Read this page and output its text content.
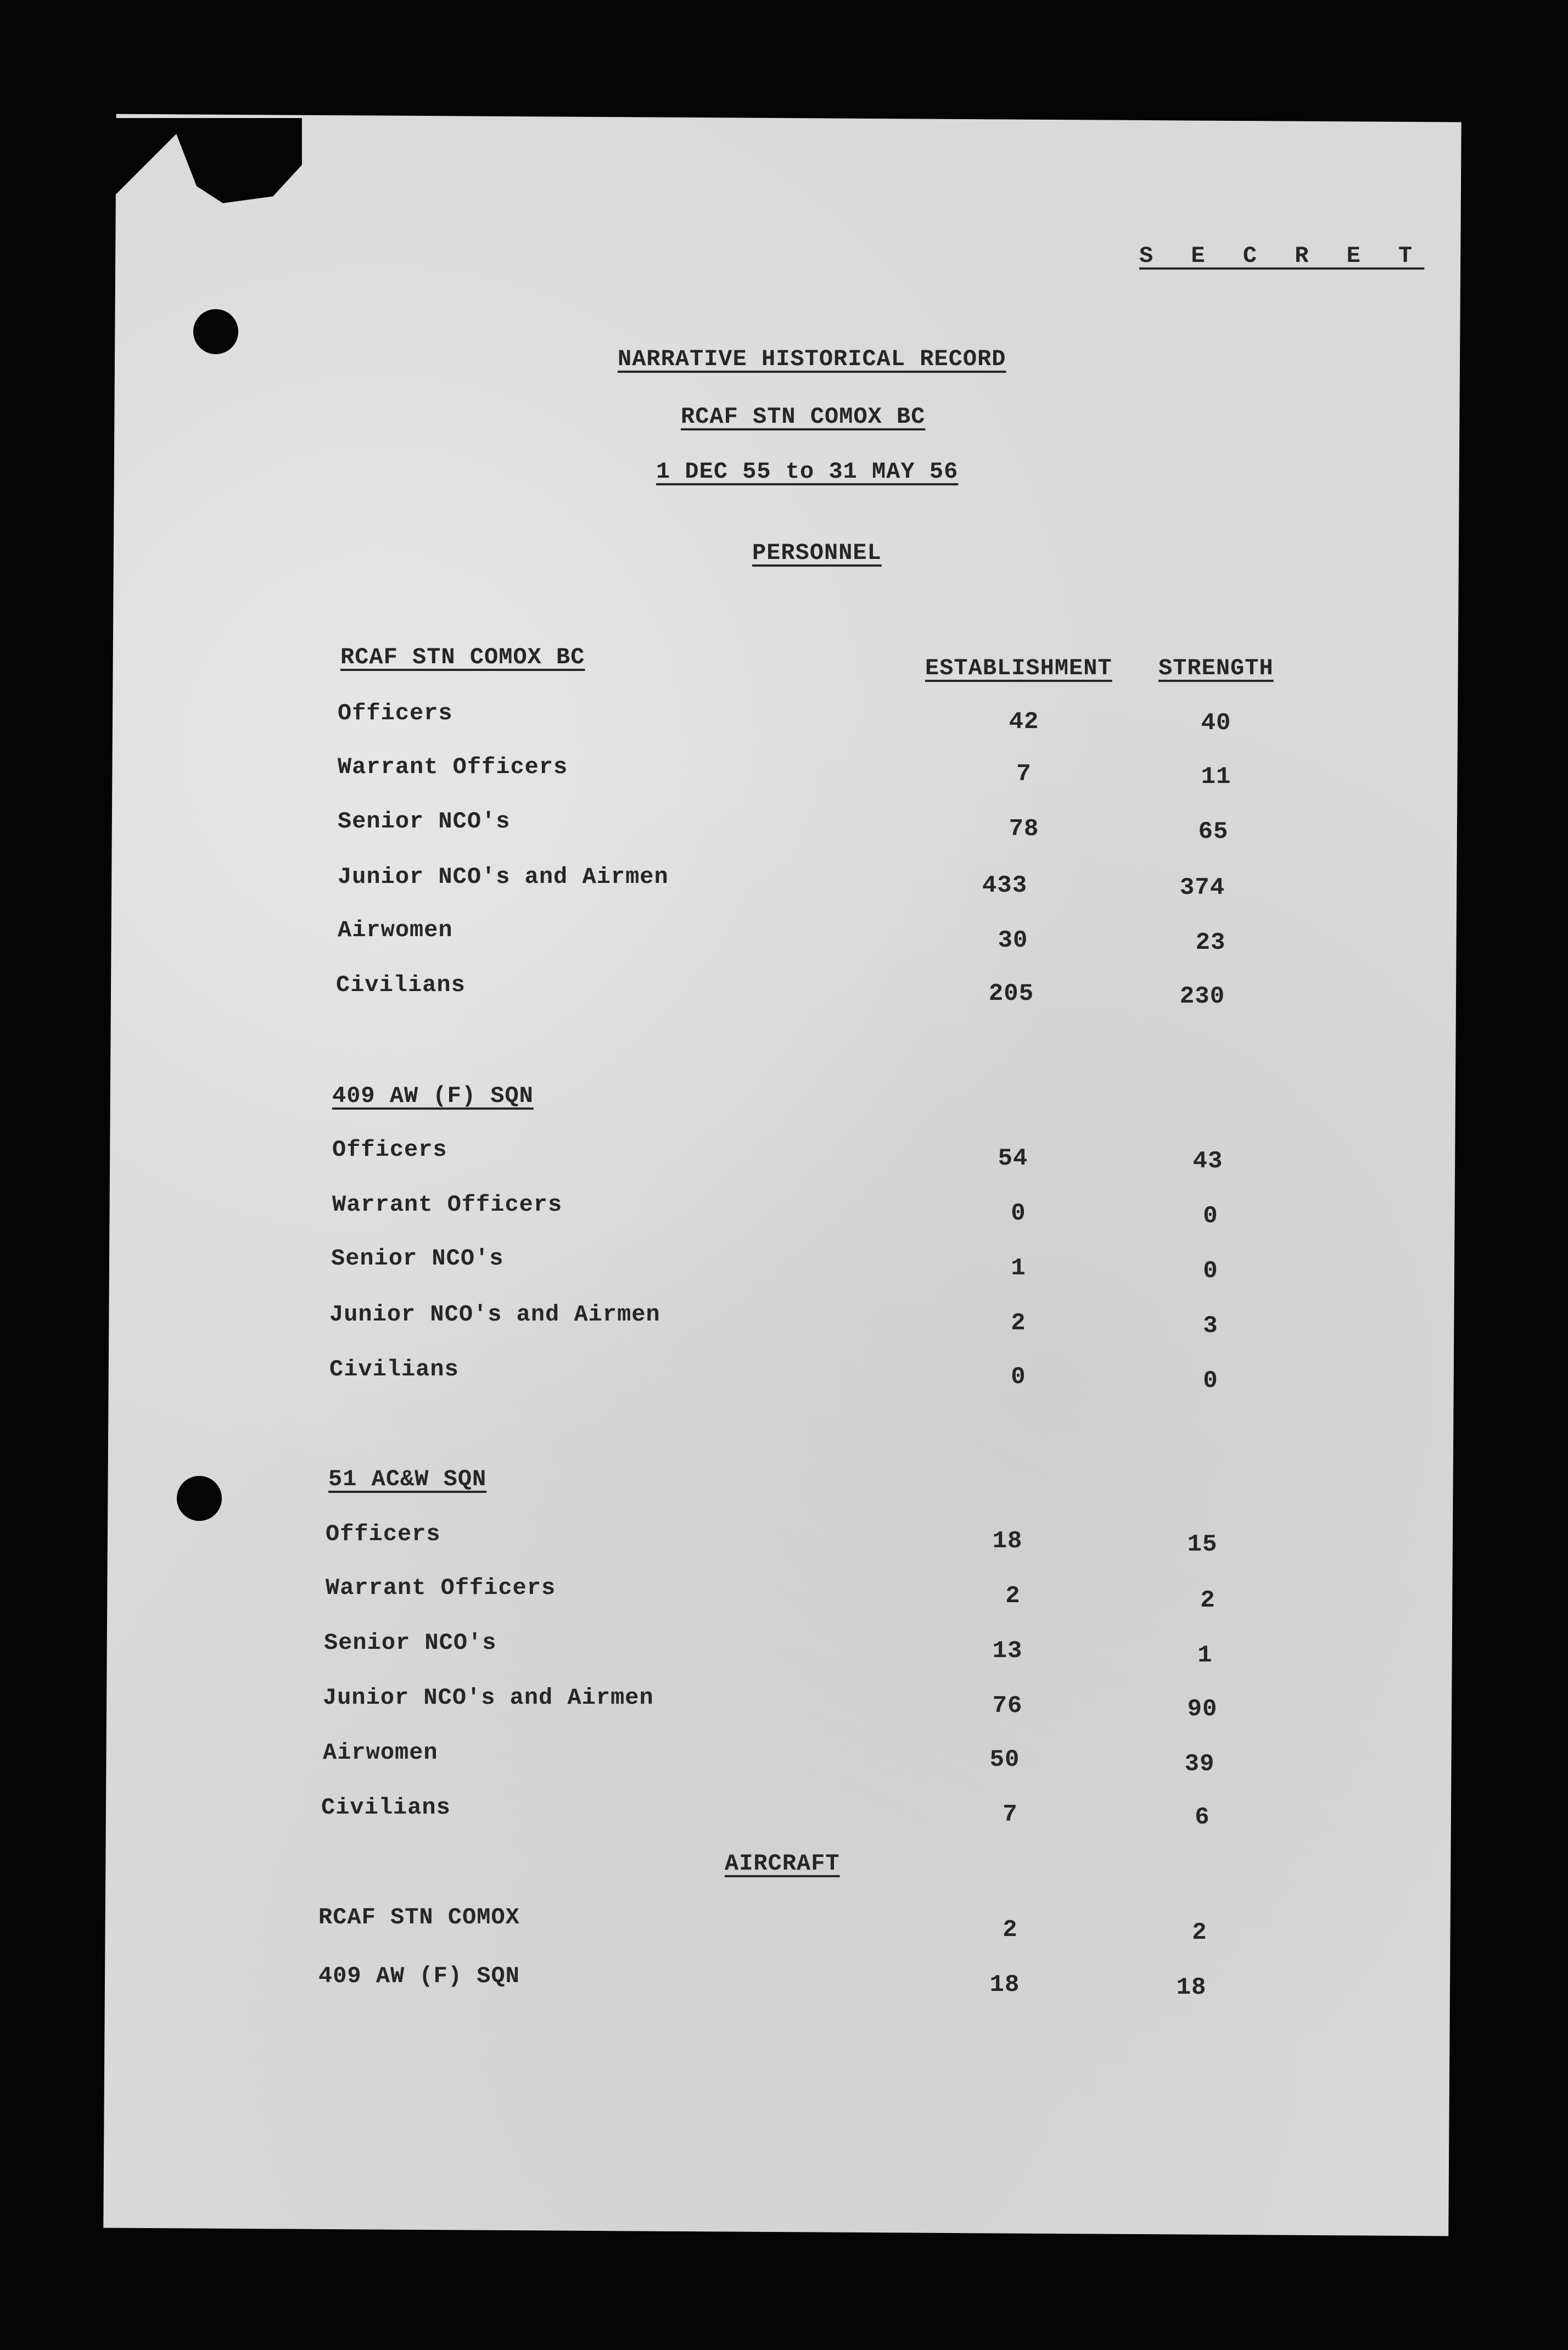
S E C R E T
NARRATIVE HISTORICAL RECORD
RCAF STN COMOX BC
1 DEC 55 to 31 MAY 56
PERSONNEL
RCAF STN COMOX BC	ESTABLISHMENT STRENGTH
Officers	42	40
Warrant Officers	7	11
Senior NCO's	78	65
Junior NCO's and Airmen	433	374
Airwomen	30	23
Civilians	205	230
409 AW (F) SQN
Officers	54	43
Warrant Officers	0	0
Senior NCO's	1	0
Junior NCO's and Airmen	2	3
Civilians	0	0
51 AC&W SQN
Officers	18	15
Warrant Officers	2	2
Senior NCO's	13	1
Junior NCO's and Airmen	76	90
Airwomen	50	39
Civilians	7	6
AIRCRAFT
RCAF STN COMOX	2	2
409 AW (F) SQN	18	18
